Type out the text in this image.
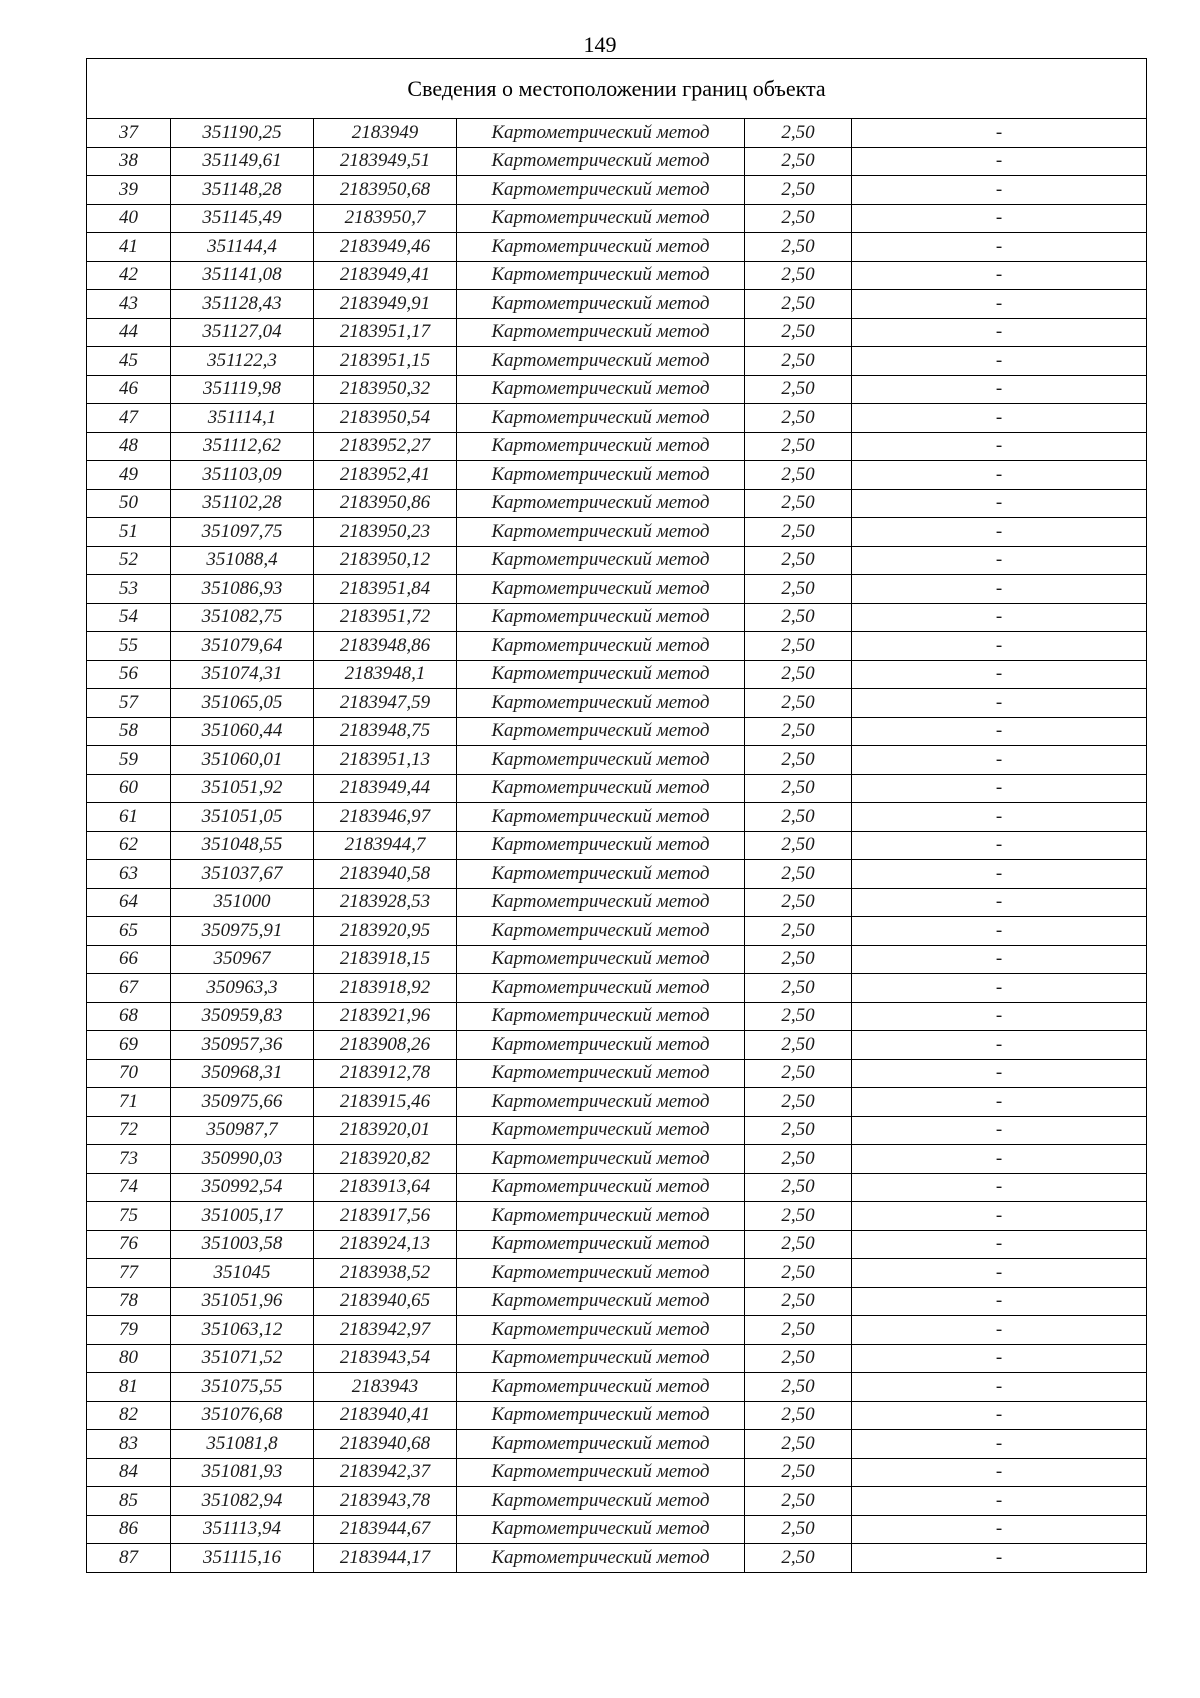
149
Сведения о местоположении границ объекта					
37	351190,25	2183949	Картометрический метод	2,50	-
38	351149,61	2183949,51	Картометрический метод	2,50	-
39	351148,28	2183950,68	Картометрический метод	2,50	-
40	351145,49	2183950,7	Картометрический метод	2,50	-
41	351144,4	2183949,46	Картометрический метод	2,50	-
42	351141,08	2183949,41	Картометрический метод	2,50	-
43	351128,43	2183949,91	Картометрический метод	2,50	-
44	351127,04	2183951,17	Картометрический метод	2,50	-
45	351122,3	2183951,15	Картометрический метод	2,50	-
46	351119,98	2183950,32	Картометрический метод	2,50	-
47	351114,1	2183950,54	Картометрический метод	2,50	-
48	351112,62	2183952,27	Картометрический метод	2,50	-
49	351103,09	2183952,41	Картометрический метод	2,50	-
50	351102,28	2183950,86	Картометрический метод	2,50	-
51	351097,75	2183950,23	Картометрический метод	2,50	-
52	351088,4	2183950,12	Картометрический метод	2,50	-
53	351086,93	2183951,84	Картометрический метод	2,50	-
54	351082,75	2183951,72	Картометрический метод	2,50	-
55	351079,64	2183948,86	Картометрический метод	2,50	-
56	351074,31	2183948,1	Картометрический метод	2,50	-
57	351065,05	2183947,59	Картометрический метод	2,50	-
58	351060,44	2183948,75	Картометрический метод	2,50	-
59	351060,01	2183951,13	Картометрический метод	2,50	-
60	351051,92	2183949,44	Картометрический метод	2,50	-
61	351051,05	2183946,97	Картометрический метод	2,50	-
62	351048,55	2183944,7	Картометрический метод	2,50	-
63	351037,67	2183940,58	Картометрический метод	2,50	-
64	351000	2183928,53	Картометрический метод	2,50	-
65	350975,91	2183920,95	Картометрический метод	2,50	-
66	350967	2183918,15	Картометрический метод	2,50	-
67	350963,3	2183918,92	Картометрический метод	2,50	-
68	350959,83	2183921,96	Картометрический метод	2,50	-
69	350957,36	2183908,26	Картометрический метод	2,50	-
70	350968,31	2183912,78	Картометрический метод	2,50	-
71	350975,66	2183915,46	Картометрический метод	2,50	-
72	350987,7	2183920,01	Картометрический метод	2,50	-
73	350990,03	2183920,82	Картометрический метод	2,50	-
74	350992,54	2183913,64	Картометрический метод	2,50	-
75	351005,17	2183917,56	Картометрический метод	2,50	-
76	351003,58	2183924,13	Картометрический метод	2,50	-
77	351045	2183938,52	Картометрический метод	2,50	-
78	351051,96	2183940,65	Картометрический метод	2,50	-
79	351063,12	2183942,97	Картометрический метод	2,50	-
80	351071,52	2183943,54	Картометрический метод	2,50	-
81	351075,55	2183943	Картометрический метод	2,50	-
82	351076,68	2183940,41	Картометрический метод	2,50	-
83	351081,8	2183940,68	Картометрический метод	2,50	-
84	351081,93	2183942,37	Картометрический метод	2,50	-
85	351082,94	2183943,78	Картометрический метод	2,50	-
86	351113,94	2183944,67	Картометрический метод	2,50	-
87	351115,16	2183944,17	Картометрический метод	2,50	-
